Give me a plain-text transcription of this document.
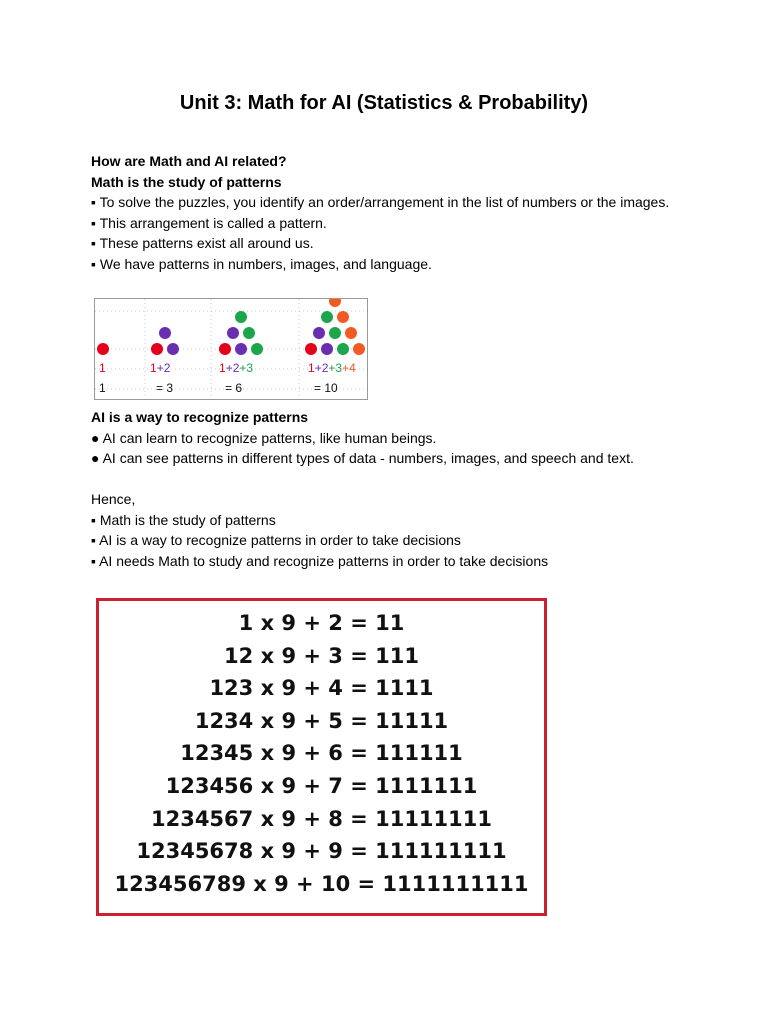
Unit 3: Math for AI (Statistics & Probability)

How are Math and AI related?

Math is the study of patterns

▪ To solve the puzzles, you identify an order/arrangement in the list of numbers or the images.

▪ This arrangement is called a pattern.

▪ These patterns exist all around us.

▪ We have patterns in numbers, images, and language.

1
1
1+2
= 3
1+2+3
= 6
1+2+3+4
= 10

AI is a way to recognize patterns

● AI can learn to recognize patterns, like human beings.

● AI can see patterns in different types of data - numbers, images, and speech and text.

Hence,

▪ Math is the study of patterns

▪ AI is a way to recognize patterns in order to take decisions

▪ AI needs Math to study and recognize patterns in order to take decisions

1 x 9 + 2 = 11
12 x 9 + 3 = 111
123 x 9 + 4 = 1111
1234 x 9 + 5 = 11111
12345 x 9 + 6 = 111111
123456 x 9 + 7 = 1111111
1234567 x 9 + 8 = 11111111
12345678 x 9 + 9 = 111111111
123456789 x 9 + 10 = 1111111111
